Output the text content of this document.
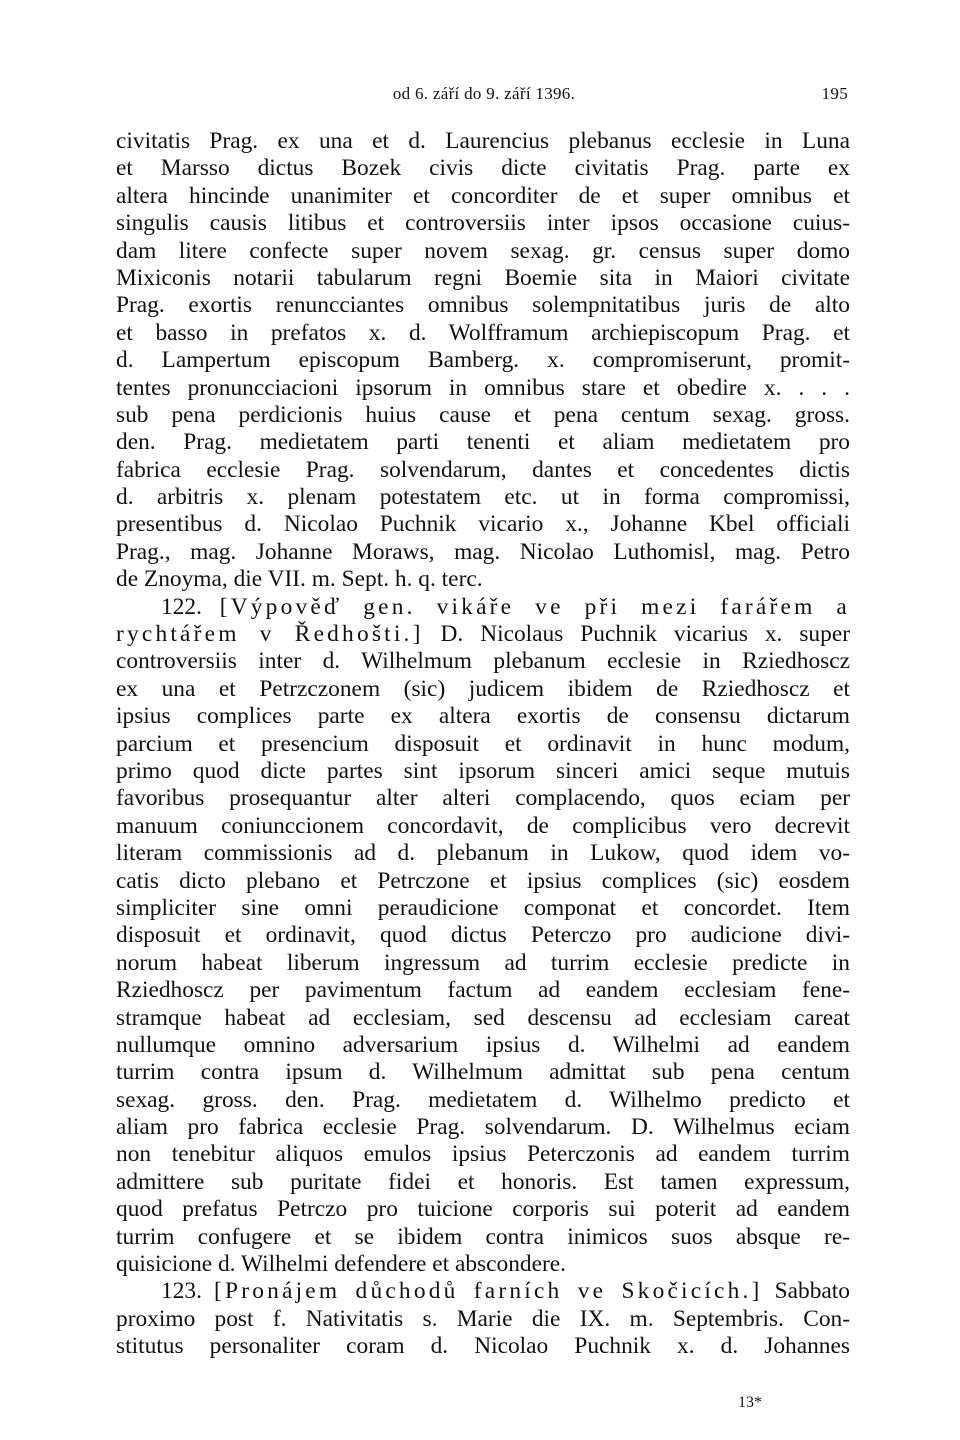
od 6. září do 9. září 1396.	195
civitatis Prag. ex una et d. Laurencius plebanus ecclesie in Luna
et Marsso dictus Bozek civis dicte civitatis Prag. parte ex
altera hincinde unanimiter et concorditer de et super omnibus et
singulis causis litibus et controversiis inter ipsos occasione cuius-
dam litere confecte super novem sexag. gr. census super domo
Mixiconis notarii tabularum regni Boemie sita in Maiori civitate
Prag. exortis renuncciantes omnibus solempnitatibus juris de alto
et basso in prefatos x. d. Wolfframum archiepiscopum Prag. et
d. Lampertum episcopum Bamberg. x. compromiserunt, promit-
tentes pronuncciacioni ipsorum in omnibus stare et obedire x. . . .
sub pena perdicionis huius cause et pena centum sexag. gross.
den. Prag. medietatem parti tenenti et aliam medietatem pro
fabrica ecclesie Prag. solvendarum, dantes et concedentes dictis
d. arbitris x. plenam potestatem etc. ut in forma compromissi,
presentibus d. Nicolao Puchnik vicario x., Johanne Kbel officiali
Prag., mag. Johanne Moraws, mag. Nicolao Luthomisl, mag. Petro
de Znoyma, die VII. m. Sept. h. q. terc.
122. [Výpověď gen. vikáře ve při mezi farářem a
rychtářem v Ředhošti.] D. Nicolaus Puchnik vicarius x. super
controversiis inter d. Wilhelmum plebanum ecclesie in Rziedhoscz
ex una et Petrzczonem (sic) judicem ibidem de Rziedhoscz et
ipsius complices parte ex altera exortis de consensu dictarum
parcium et presencium disposuit et ordinavit in hunc modum,
primo quod dicte partes sint ipsorum sinceri amici seque mutuis
favoribus prosequantur alter alteri complacendo, quos eciam per
manuum coniunccionem concordavit, de complicibus vero decrevit
literam commissionis ad d. plebanum in Lukow, quod idem vo-
catis dicto plebano et Petrczone et ipsius complices (sic) eosdem
simpliciter sine omni peraudicione componat et concordet. Item
disposuit et ordinavit, quod dictus Peterczo pro audicione divi-
norum habeat liberum ingressum ad turrim ecclesie predicte in
Rziedhoscz per pavimentum factum ad eandem ecclesiam fene-
stramque habeat ad ecclesiam, sed descensu ad ecclesiam careat
nullumque omnino adversarium ipsius d. Wilhelmi ad eandem
turrim contra ipsum d. Wilhelmum admittat sub pena centum
sexag. gross. den. Prag. medietatem d. Wilhelmo predicto et
aliam pro fabrica ecclesie Prag. solvendarum. D. Wilhelmus eciam
non tenebitur aliquos emulos ipsius Peterczonis ad eandem turrim
admittere sub puritate fidei et honoris. Est tamen expressum,
quod prefatus Petrczo pro tuicione corporis sui poterit ad eandem
turrim confugere et se ibidem contra inimicos suos absque re-
quisicione d. Wilhelmi defendere et abscondere.
123. [Pronájem důchodů farních ve Skočicích.] Sabbato
proximo post f. Nativitatis s. Marie die IX. m. Septembris. Con-
stitutus personaliter coram d. Nicolao Puchnik x. d. Johannes
13*
